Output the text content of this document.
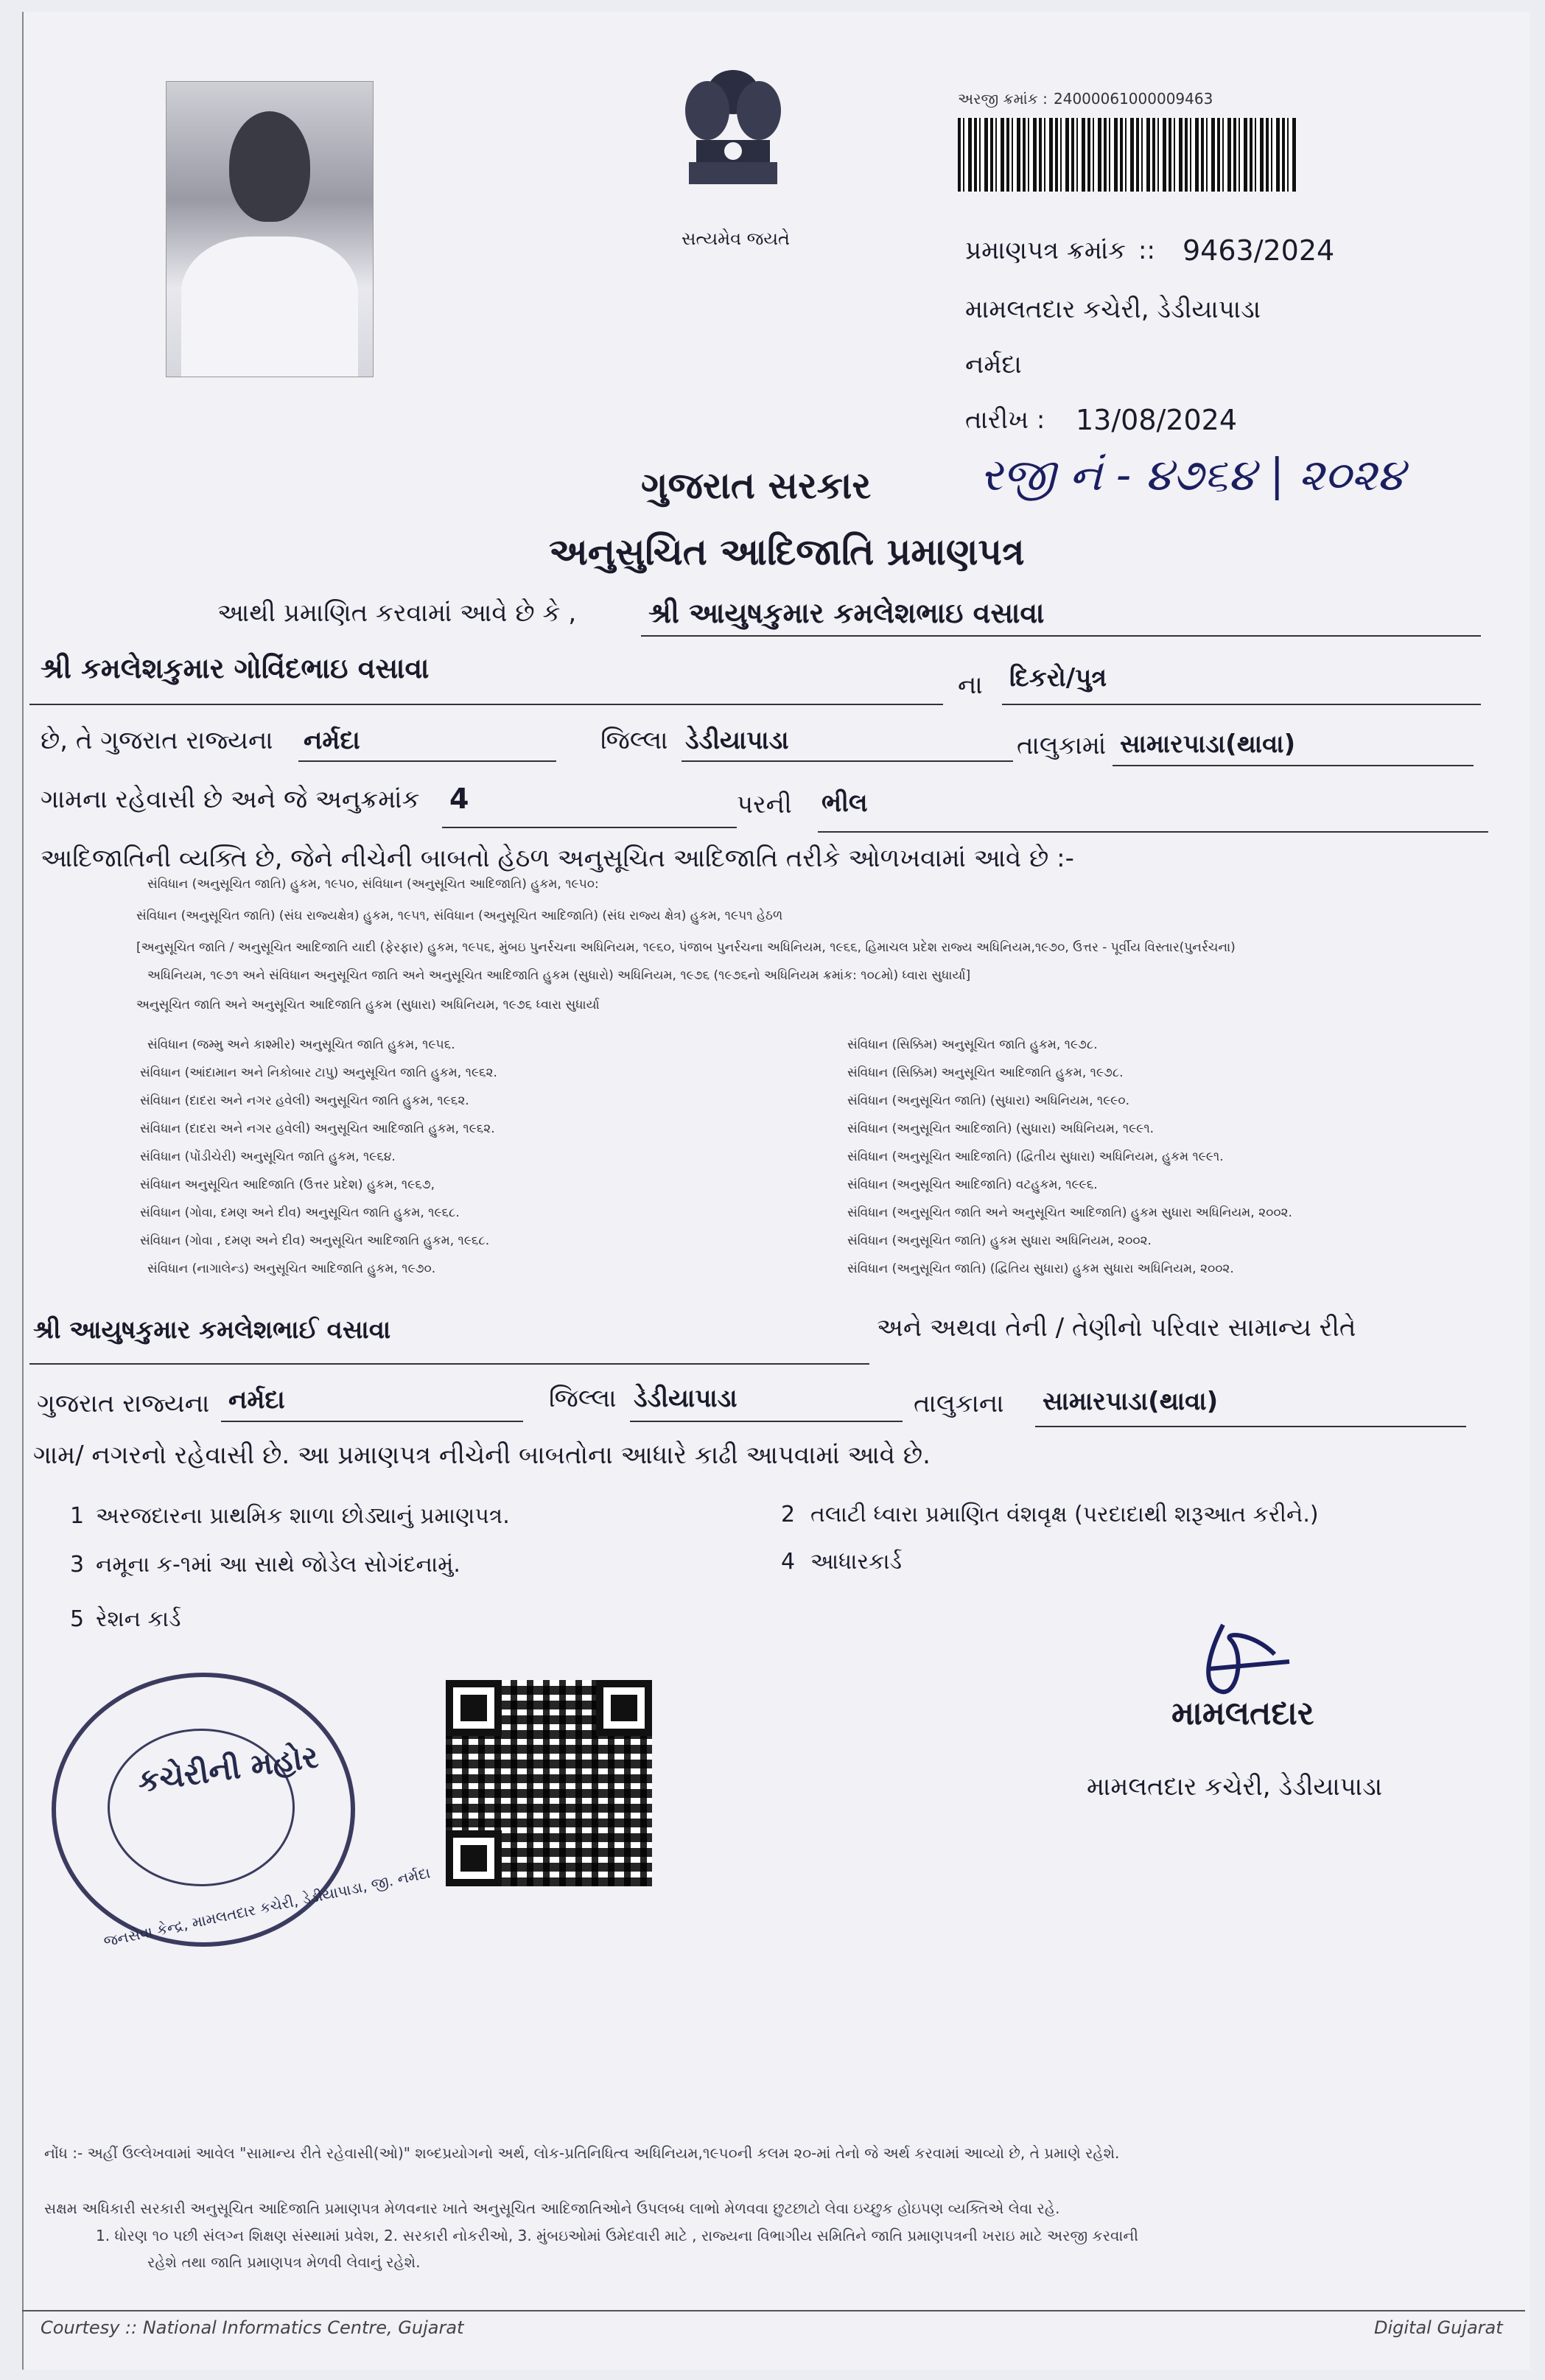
સત્યમેવ જયતે
અરજી ક્રમાંક : 24000061000009463
પ્રમાણપત્ર ક્રમાંક :: 9463/2024
મામલતદાર કચેરી, ડેડીયાપાડા
નર્મદા
તારીખ : 13/08/2024
ગુજરાત સરકાર રજી નં - ૪૭૬૪ | ૨૦૨૪
અનુસુચિત આદિજાતિ પ્રમાણપત્ર
આથી પ્રમાણિત કરવામાં આવે છે કે ,	શ્રી આયુષકુમાર કમલેશભાઇ વસાવા
શ્રી કમલેશકુમાર ગોવિંદભાઇ વસાવા
ના દિકરો/પુત્ર
છે, તે ગુજરાત રાજ્યના નર્મદા	જિલ્લા ડેડીયાપાડા	તાલુકામાં સામારપાડા(થાવા)
ગામના રહેવાસી છે અને જે અનુક્રમાંક 4	પરની ભીલ
આદિજાતિની વ્યક્તિ છે, જેને નીચેની બાબતો હેઠળ અનુસૂચિત આદિજાતિ તરીકે ઓળખવામાં આવે છે :-
સંવિધાન (અનુસૂચિત જાતિ) હુકમ, ૧૯૫૦, સંવિધાન (અનુસૂચિત આદિજાતિ) હુકમ, ૧૯૫૦:
સંવિધાન (અનુસૂચિત જાતિ) (સંઘ રાજ્યક્ષેત્ર) હુકમ, ૧૯૫૧, સંવિધાન (અનુસૂચિત આદિજાતિ) (સંઘ રાજ્ય ક્ષેત્ર) હુકમ, ૧૯૫૧ હેઠળ
[અનુસૂચિત જાતિ / અનુસૂચિત આદિજાતિ યાદી (ફેરફાર) હુકમ, ૧૯૫૬, મુંબઇ પુનર્રચના અધિનિયમ, ૧૯૬૦, પંજાબ પુનર્રચના અધિનિયમ, ૧૯૬૬, હિમાચલ પ્રદેશ રાજ્ય અધિનિયમ,૧૯૭૦, ઉત્તર - પૂર્વીય વિસ્તાર(પુનર્રચના)
અધિનિયમ, ૧૯૭૧ અને સંવિધાન અનુસૂચિત જાતિ અને અનુસૂચિત આદિજાતિ હુકમ (સુધારો) અધિનિયમ, ૧૯૭૬ (૧૯૭૬નો અધિનિયમ ક્રમાંક: ૧૦૮મો) ધ્વારા સુધાર્યા]
અનુસૂચિત જાતિ અને અનુસૂચિત આદિજાતિ હુકમ (સુધારા) અધિનિયમ, ૧૯૭૬ ધ્વારા સુધાર્યા
સંવિધાન (જમ્મુ અને કાશ્મીર) અનુસૂચિત જાતિ હુકમ, ૧૯૫૬.
સંવિધાન (આંદામાન અને નિકોબાર ટાપુ) અનુસૂચિત જાતિ હુકમ, ૧૯૬૨.
સંવિધાન (દાદરા અને નગર હવેલી) અનુસૂચિત જાતિ હુકમ, ૧૯૬૨.
સંવિધાન (દાદરા અને નગર હવેલી) અનુસૂચિત આદિજાતિ હુકમ, ૧૯૬૨.
સંવિધાન (પોંડીચેરી) અનુસૂચિત જાતિ હુકમ, ૧૯૬૪.
સંવિધાન અનુસૂચિત આદિજાતિ (ઉત્તર પ્રદેશ) હુકમ, ૧૯૬૭,
સંવિધાન (ગોવા, દમણ અને દીવ) અનુસૂચિત જાતિ હુકમ, ૧૯૬૮.
સંવિધાન (ગોવા , દમણ અને દીવ) અનુસૂચિત આદિજાતિ હુકમ, ૧૯૬૮.
સંવિધાન (નાગાલેન્ડ) અનુસૂચિત આદિજાતિ હુકમ, ૧૯૭૦.
સંવિધાન (સિક્કિમ) અનુસૂચિત જાતિ હુકમ, ૧૯૭૮.
સંવિધાન (સિક્કિમ) અનુસૂચિત આદિજાતિ હુકમ, ૧૯૭૮.
સંવિધાન (અનુસૂચિત જાતિ) (સુધારા) અધિનિયમ, ૧૯૯૦.
સંવિધાન (અનુસૂચિત આદિજાતિ) (સુધારા) અધિનિયમ, ૧૯૯૧.
સંવિધાન (અનુસૂચિત આદિજાતિ) (દ્વિતીય સુધારા) અધિનિયમ, હુકમ ૧૯૯૧.
સંવિધાન (અનુસૂચિત આદિજાતિ) વટહુકમ, ૧૯૯૬.
સંવિધાન (અનુસૂચિત જાતિ અને અનુસૂચિત આદિજાતિ) હુકમ સુધારા અધિનિયમ, ૨૦૦૨.
સંવિધાન (અનુસૂચિત જાતિ) હુકમ સુધારા અધિનિયમ, ૨૦૦૨.
સંવિધાન (અનુસૂચિત જાતિ) (દ્વિતિય સુધારા) હુકમ સુધારા અધિનિયમ, ૨૦૦૨.
શ્રી આયુષકુમાર કમલેશભાઈ વસાવા	અને અથવા તેની / તેણીનો પરિવાર સામાન્ય રીતે
ગુજરાત રાજ્યના નર્મદા	જિલ્લા ડેડીયાપાડા	તાલુકાના સામારપાડા(થાવા)
ગામ/ નગરનો રહેવાસી છે. આ પ્રમાણપત્ર નીચેની બાબતોના આધારે કાઢી આપવામાં આવે છે.
1 અરજદારના પ્રાથમિક શાળા છોડ્યાનું પ્રમાણપત્ર.	2 તલાટી ધ્વારા પ્રમાણિત વંશવૃક્ષ (પરદાદાથી શરૂઆત કરીને.)
3 નમૂના ક-૧માં આ સાથે જોડેલ સોગંદનામું.	4 આધારકાર્ડ
5 રેશન કાર્ડ
કચેરીની મહોર
જનસેવા કેન્દ્ર, મામલતદાર કચેરી, ડેડીયાપાડા, જી. નર્મદા
મામલતદાર
મામલતદાર કચેરી, ડેડીયાપાડા
નોંધ :- અહીં ઉલ્લેખવામાં આવેલ "સામાન્ય રીતે રહેવાસી(ઓ)" શબ્દપ્રયોગનો અર્થ, લોક-પ્રતિનિધિત્વ અધિનિયમ,૧૯૫૦ની કલમ ૨૦-માં તેનો જે અર્થ કરવામાં આવ્યો છે, તે પ્રમાણે રહેશે.
સક્ષમ અધિકારી સરકારી અનુસૂચિત આદિજાતિ પ્રમાણપત્ર મેળવનાર ખાતે અનુસૂચિત આદિજાતિઓને ઉપલબ્ધ લાભો મેળવવા છુટછાટો લેવા ઇચ્છુક હોઇપણ વ્યક્તિએ લેવા રહે.
1. ધોરણ ૧૦ પછી સંલગ્ન શિક્ષણ સંસ્થામાં પ્રવેશ, 2. સરકારી નોકરીઓ, 3. મુંબઇઓમાં ઉમેદવારી માટે , રાજ્યના વિભાગીય સમિતિને જાતિ પ્રમાણપત્રની ખરાઇ માટે અરજી કરવાની
રહેશે તથા જાતિ પ્રમાણપત્ર મેળવી લેવાનું રહેશે.
Courtesy :: National Informatics Centre, Gujarat	Digital Gujarat
